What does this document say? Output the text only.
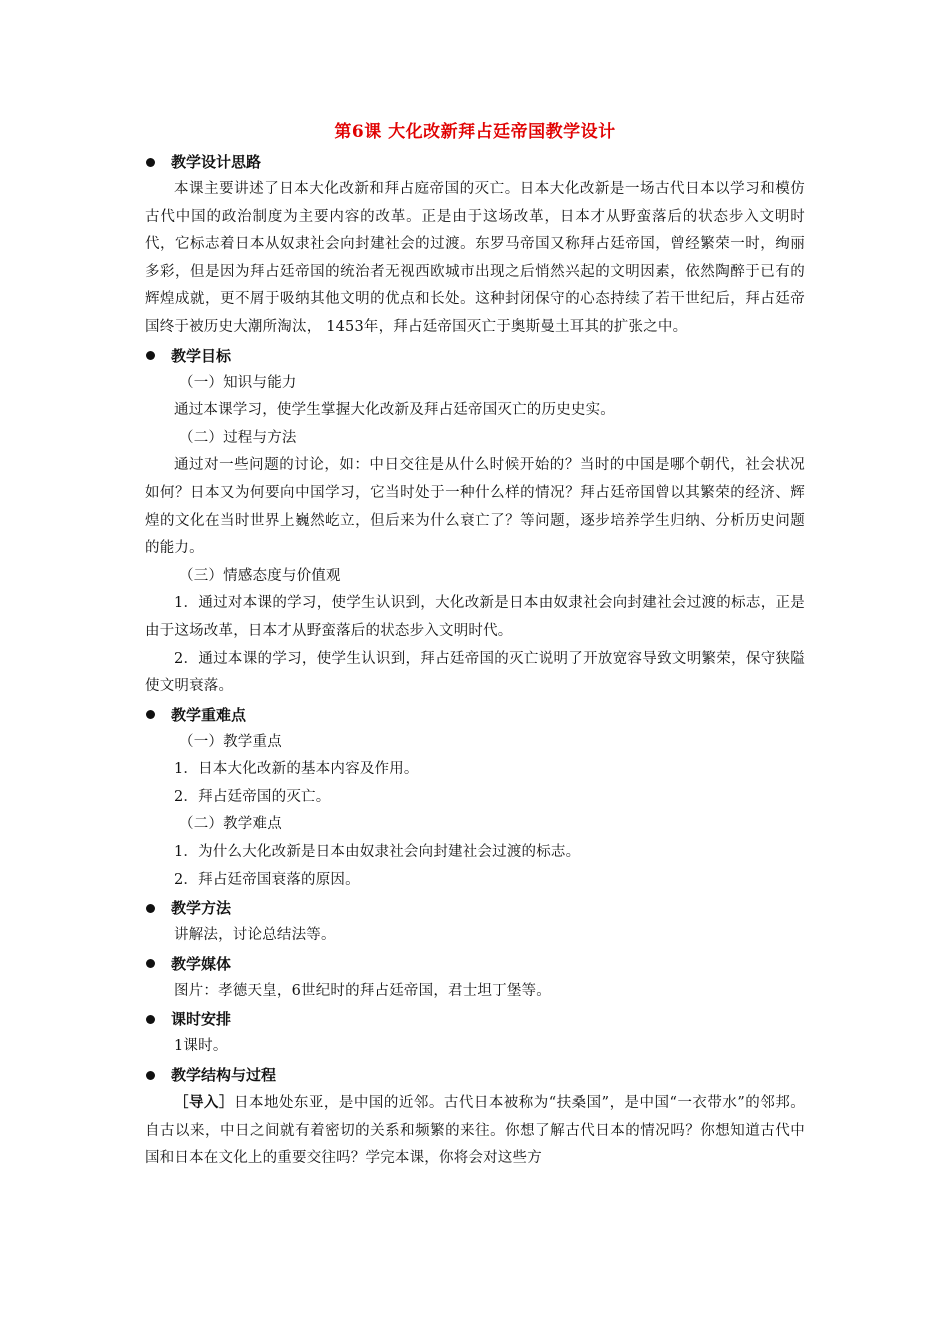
第6课 大化改新拜占廷帝国教学设计
教学设计思路

本课主要讲述了日本大化改新和拜占庭帝国的灭亡。日本大化改新是一场古代日本以学习和模仿古代中国的政治制度为主要内容的改革。正是由于这场改革，日本才从野蛮落后的状态步入文明时代，它标志着日本从奴隶社会向封建社会的过渡。东罗马帝国又称拜占廷帝国，曾经繁荣一时，绚丽多彩，但是因为拜占廷帝国的统治者无视西欧城市出现之后悄然兴起的文明因素，依然陶醉于已有的辉煌成就，更不屑于吸纳其他文明的优点和长处。这种封闭保守的心态持续了若干世纪后，拜占廷帝国终于被历史大潮所淘汰， 1453年，拜占廷帝国灭亡于奥斯曼土耳其的扩张之中。

教学目标

（一）知识与能力

通过本课学习，使学生掌握大化改新及拜占廷帝国灭亡的历史史实。

（二）过程与方法

通过对一些问题的讨论，如：中日交往是从什么时候开始的？当时的中国是哪个朝代，社会状况如何？日本又为何要向中国学习，它当时处于一种什么样的情况？拜占廷帝国曾以其繁荣的经济、辉煌的文化在当时世界上巍然屹立，但后来为什么衰亡了？等问题，逐步培养学生归纳、分析历史问题的能力。

（三）情感态度与价值观

1．通过对本课的学习，使学生认识到，大化改新是日本由奴隶社会向封建社会过渡的标志，正是由于这场改革，日本才从野蛮落后的状态步入文明时代。

2．通过本课的学习，使学生认识到，拜占廷帝国的灭亡说明了开放宽容导致文明繁荣，保守狭隘使文明衰落。

教学重难点

（一）教学重点

1．日本大化改新的基本内容及作用。

2．拜占廷帝国的灭亡。

（二）教学难点

1．为什么大化改新是日本由奴隶社会向封建社会过渡的标志。

2．拜占廷帝国衰落的原因。

教学方法

讲解法，讨论总结法等。

教学媒体

图片：孝德天皇，6世纪时的拜占廷帝国，君士坦丁堡等。

课时安排

1课时。

教学结构与过程

［导入］日本地处东亚，是中国的近邻。古代日本被称为“扶桑国”，是中国“一衣带水”的邻邦。自古以来，中日之间就有着密切的关系和频繁的来往。你想了解古代日本的情况吗？你想知道古代中国和日本在文化上的重要交往吗？学完本课，你将会对这些方
